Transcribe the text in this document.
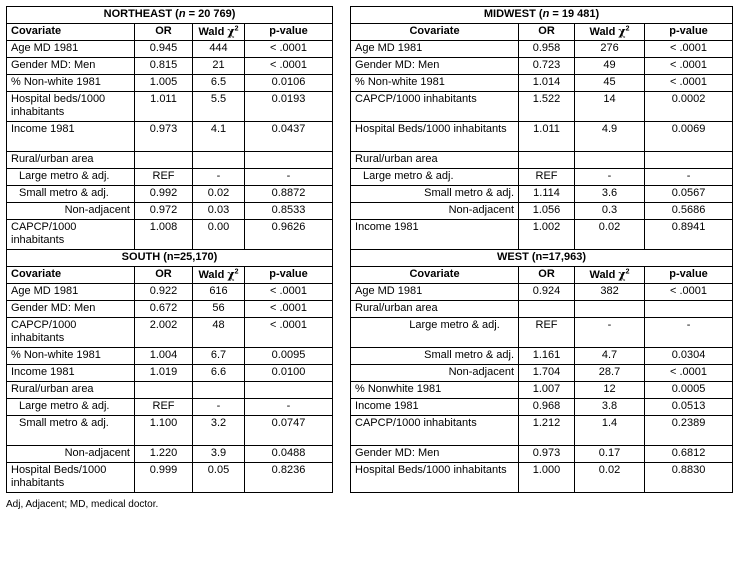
NORTHEAST (n = 20 769)					MIDWEST (n = 19 481)			
Covariate	OR	Wald $\chi^2$	p-value		Covariate	OR	Wald $\chi^2$	p-value
Age MD 1981	0.945	444	< .0001		Age MD 1981	0.958	276	< .0001
Gender MD: Men	0.815	21	< .0001		Gender MD: Men	0.723	49	< .0001
% Non-white 1981	1.005	6.5	0.0106		% Non-white 1981	1.014	45	< .0001
Hospital beds/1000 inhabitants	1.011	5.5	0.0193		CAPCP/1000 inhabitants	1.522	14	0.0002
Income 1981	0.973	4.1	0.0437		Hospital Beds/1000 inhabitants	1.011	4.9	0.0069
Rural/urban area					Rural/urban area			
Large metro & adj.	REF	-	-		Large metro & adj.	REF	-	-
Small metro & adj.	0.992	0.02	0.8872		Small metro & adj.	1.114	3.6	0.0567
Non-adjacent	0.972	0.03	0.8533		Non-adjacent	1.056	0.3	0.5686
CAPCP/1000 inhabitants	1.008	0.00	0.9626		Income 1981	1.002	0.02	0.8941
SOUTH (n=25,170)					WEST (n=17,963)			
Covariate	OR	Wald $\chi^2$	p-value		Covariate	OR	Wald $\chi^2$	p-value
Age MD 1981	0.922	616	< .0001		Age MD 1981	0.924	382	< .0001
Gender MD: Men	0.672	56	< .0001		Rural/urban area			
CAPCP/1000 inhabitants	2.002	48	< .0001		Large metro & adj.	REF	-	-
% Non-white 1981	1.004	6.7	0.0095		Small metro & adj.	1.161	4.7	0.0304
Income 1981	1.019	6.6	0.0100		Non-adjacent	1.704	28.7	< .0001
Rural/urban area					% Nonwhite 1981	1.007	12	0.0005
Large metro & adj.	REF	-	-		Income 1981	0.968	3.8	0.0513
Small metro & adj.	1.100	3.2	0.0747		CAPCP/1000 inhabitants	1.212	1.4	0.2389
Non-adjacent	1.220	3.9	0.0488		Gender MD: Men	0.973	0.17	0.6812
Hospital Beds/1000 inhabitants	0.999	0.05	0.8236		Hospital Beds/1000 inhabitants	1.000	0.02	0.8830
Adj, Adjacent; MD, medical doctor.
